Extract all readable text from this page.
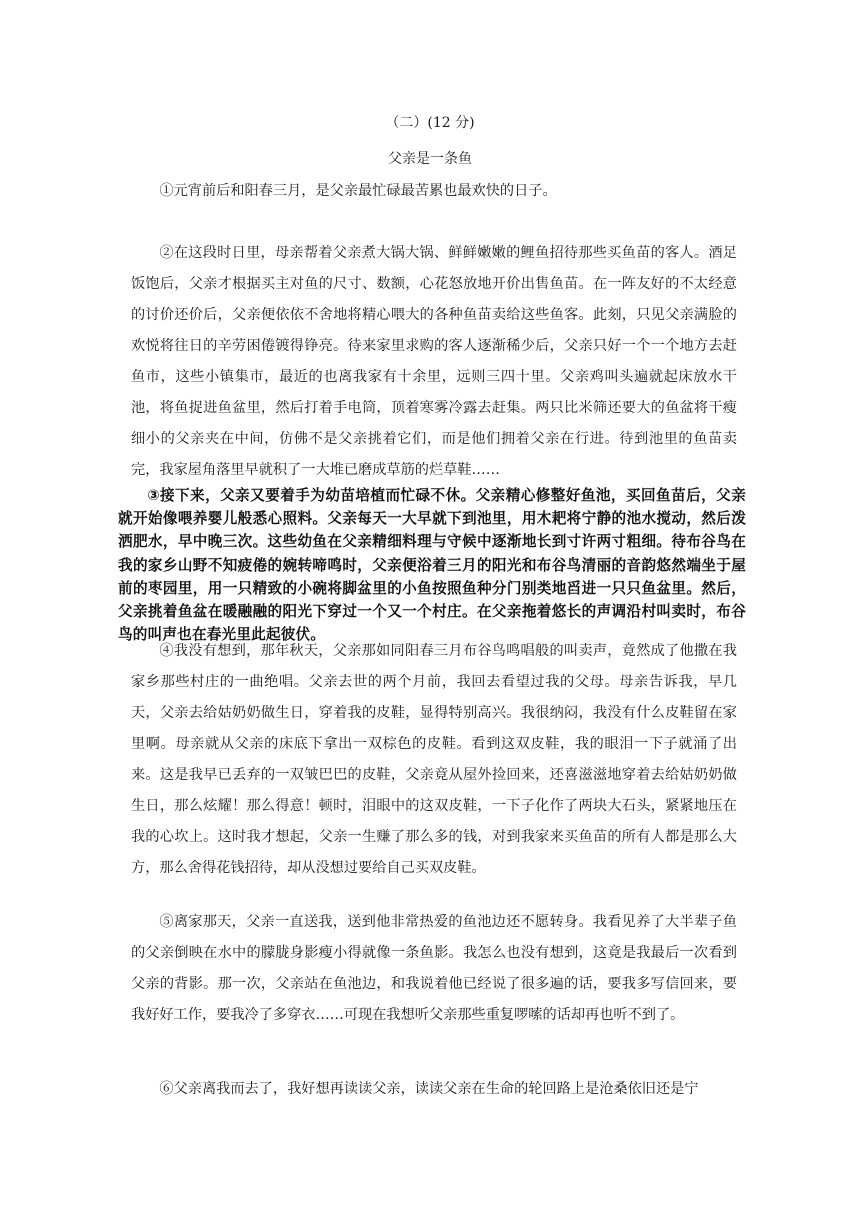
（二）(12 分)

父亲是一条鱼

①元宵前后和阳春三月，是父亲最忙碌最苦累也最欢快的日子。

②在这段时日里，母亲帮着父亲煮大锅大锅、鲜鲜嫩嫩的鲤鱼招待那些买鱼苗的客人。酒足饭饱后，父亲才根据买主对鱼的尺寸、数额，心花怒放地开价出售鱼苗。在一阵友好的不太经意的讨价还价后，父亲便依依不舍地将精心喂大的各种鱼苗卖给这些鱼客。此刻，只见父亲满脸的欢悦将往日的辛劳困倦镀得铮亮。待来家里求购的客人逐渐稀少后，父亲只好一个一个地方去赶鱼市，这些小镇集市，最近的也离我家有十余里，远则三四十里。父亲鸡叫头遍就起床放水干池，将鱼捉进鱼盆里，然后打着手电筒，顶着寒雾冷露去赶集。两只比米筛还要大的鱼盆将干瘦细小的父亲夹在中间，仿佛不是父亲挑着它们，而是他们拥着父亲在行进。待到池里的鱼苗卖完，我家屋角落里早就积了一大堆已磨成草筋的烂草鞋……

③接下来，父亲又要着手为幼苗培植而忙碌不休。父亲精心修整好鱼池，买回鱼苗后，父亲就开始像喂养婴儿般悉心照料。父亲每天一大早就下到池里，用木耙将宁静的池水搅动，然后泼洒肥水，早中晚三次。这些幼鱼在父亲精细料理与守候中逐渐地长到寸许两寸粗细。待布谷鸟在我的家乡山野不知疲倦的婉转啼鸣时，父亲便浴着三月的阳光和布谷鸟清丽的音韵悠然端坐于屋前的枣园里，用一只精致的小碗将脚盆里的小鱼按照鱼种分门别类地舀进一只只鱼盆里。然后，父亲挑着鱼盆在暖融融的阳光下穿过一个又一个村庄。在父亲拖着悠长的声调沿村叫卖时，布谷鸟的叫声也在春光里此起彼伏。

④我没有想到，那年秋天，父亲那如同阳春三月布谷鸟鸣唱般的叫卖声，竟然成了他撒在我家乡那些村庄的一曲绝唱。父亲去世的两个月前，我回去看望过我的父母。母亲告诉我，早几天，父亲去给姑奶奶做生日，穿着我的皮鞋，显得特别高兴。我很纳闷，我没有什么皮鞋留在家里啊。母亲就从父亲的床底下拿出一双棕色的皮鞋。看到这双皮鞋，我的眼泪一下子就涌了出来。这是我早已丢弃的一双皱巴巴的皮鞋，父亲竟从屋外捡回来，还喜滋滋地穿着去给姑奶奶做生日，那么炫耀！那么得意！顿时，泪眼中的这双皮鞋，一下子化作了两块大石头，紧紧地压在我的心坎上。这时我才想起，父亲一生赚了那么多的钱，对到我家来买鱼苗的所有人都是那么大方，那么舍得花钱招待，却从没想过要给自己买双皮鞋。

⑤离家那天，父亲一直送我，送到他非常热爱的鱼池边还不愿转身。我看见养了大半辈子鱼的父亲倒映在水中的朦胧身影瘦小得就像一条鱼影。我怎么也没有想到，这竟是我最后一次看到父亲的背影。那一次，父亲站在鱼池边，和我说着他已经说了很多遍的话，要我多写信回来，要我好好工作，要我冷了多穿衣……可现在我想听父亲那些重复啰嗦的话却再也听不到了。

⑥父亲离我而去了，我好想再读读父亲，读读父亲在生命的轮回路上是沧桑依旧还是宁
